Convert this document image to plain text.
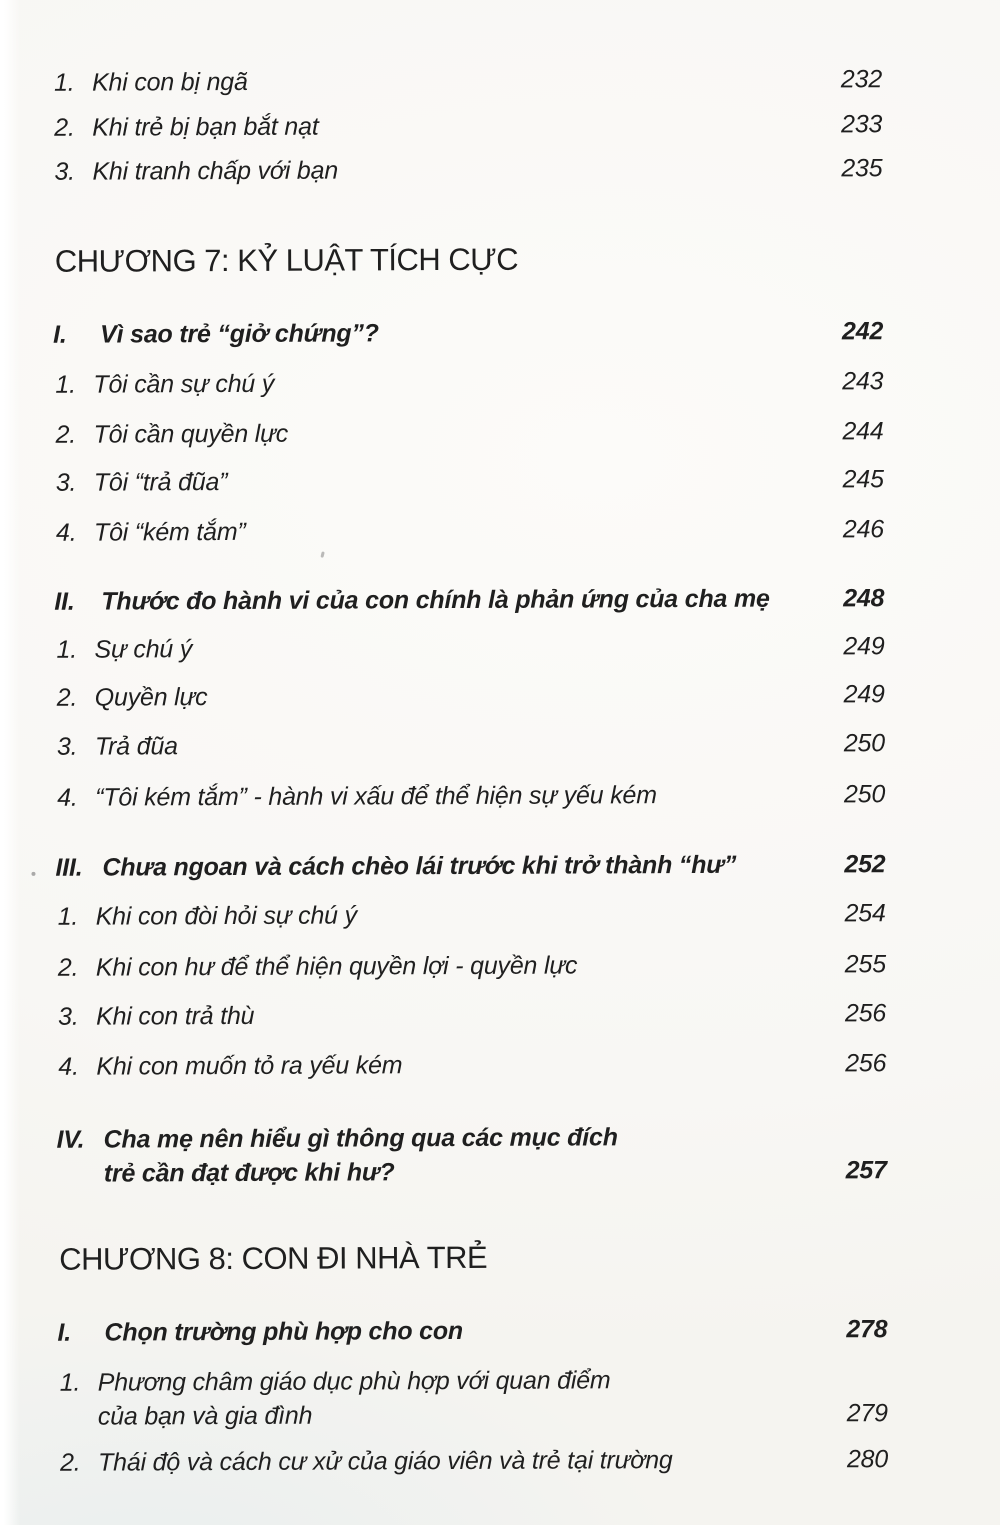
1. Khi con bị ngã	232
2. Khi trẻ bị bạn bắt nạt	233
3. Khi tranh chấp với bạn	235
CHƯƠNG 7: KỶ LUẬT TÍCH CỰC
I. Vì sao trẻ “giở chứng”?	242
1. Tôi cần sự chú ý	243
2. Tôi cần quyền lực	244
3. Tôi “trả đũa”	245
4. Tôi “kém tắm”	246
II. Thước đo hành vi của con chính là phản ứng của cha mẹ	248
1. Sự chú ý	249
2. Quyền lực	249
3. Trả đũa	250
4. “Tôi kém tắm” - hành vi xấu để thể hiện sự yếu kém	250
III. Chưa ngoan và cách chèo lái trước khi trở thành “hư”	252
1. Khi con đòi hỏi sự chú ý	254
2. Khi con hư để thể hiện quyền lợi - quyền lực	255
3. Khi con trả thù	256
4. Khi con muốn tỏ ra yếu kém	256
IV. Cha mẹ nên hiểu gì thông qua các mục đích
trẻ cần đạt được khi hư?	257
CHƯƠNG 8: CON ĐI NHÀ TRẺ
I. Chọn trường phù hợp cho con	278
1. Phương châm giáo dục phù hợp với quan điểm
của bạn và gia đình	279
2. Thái độ và cách cư xử của giáo viên và trẻ tại trường	280
